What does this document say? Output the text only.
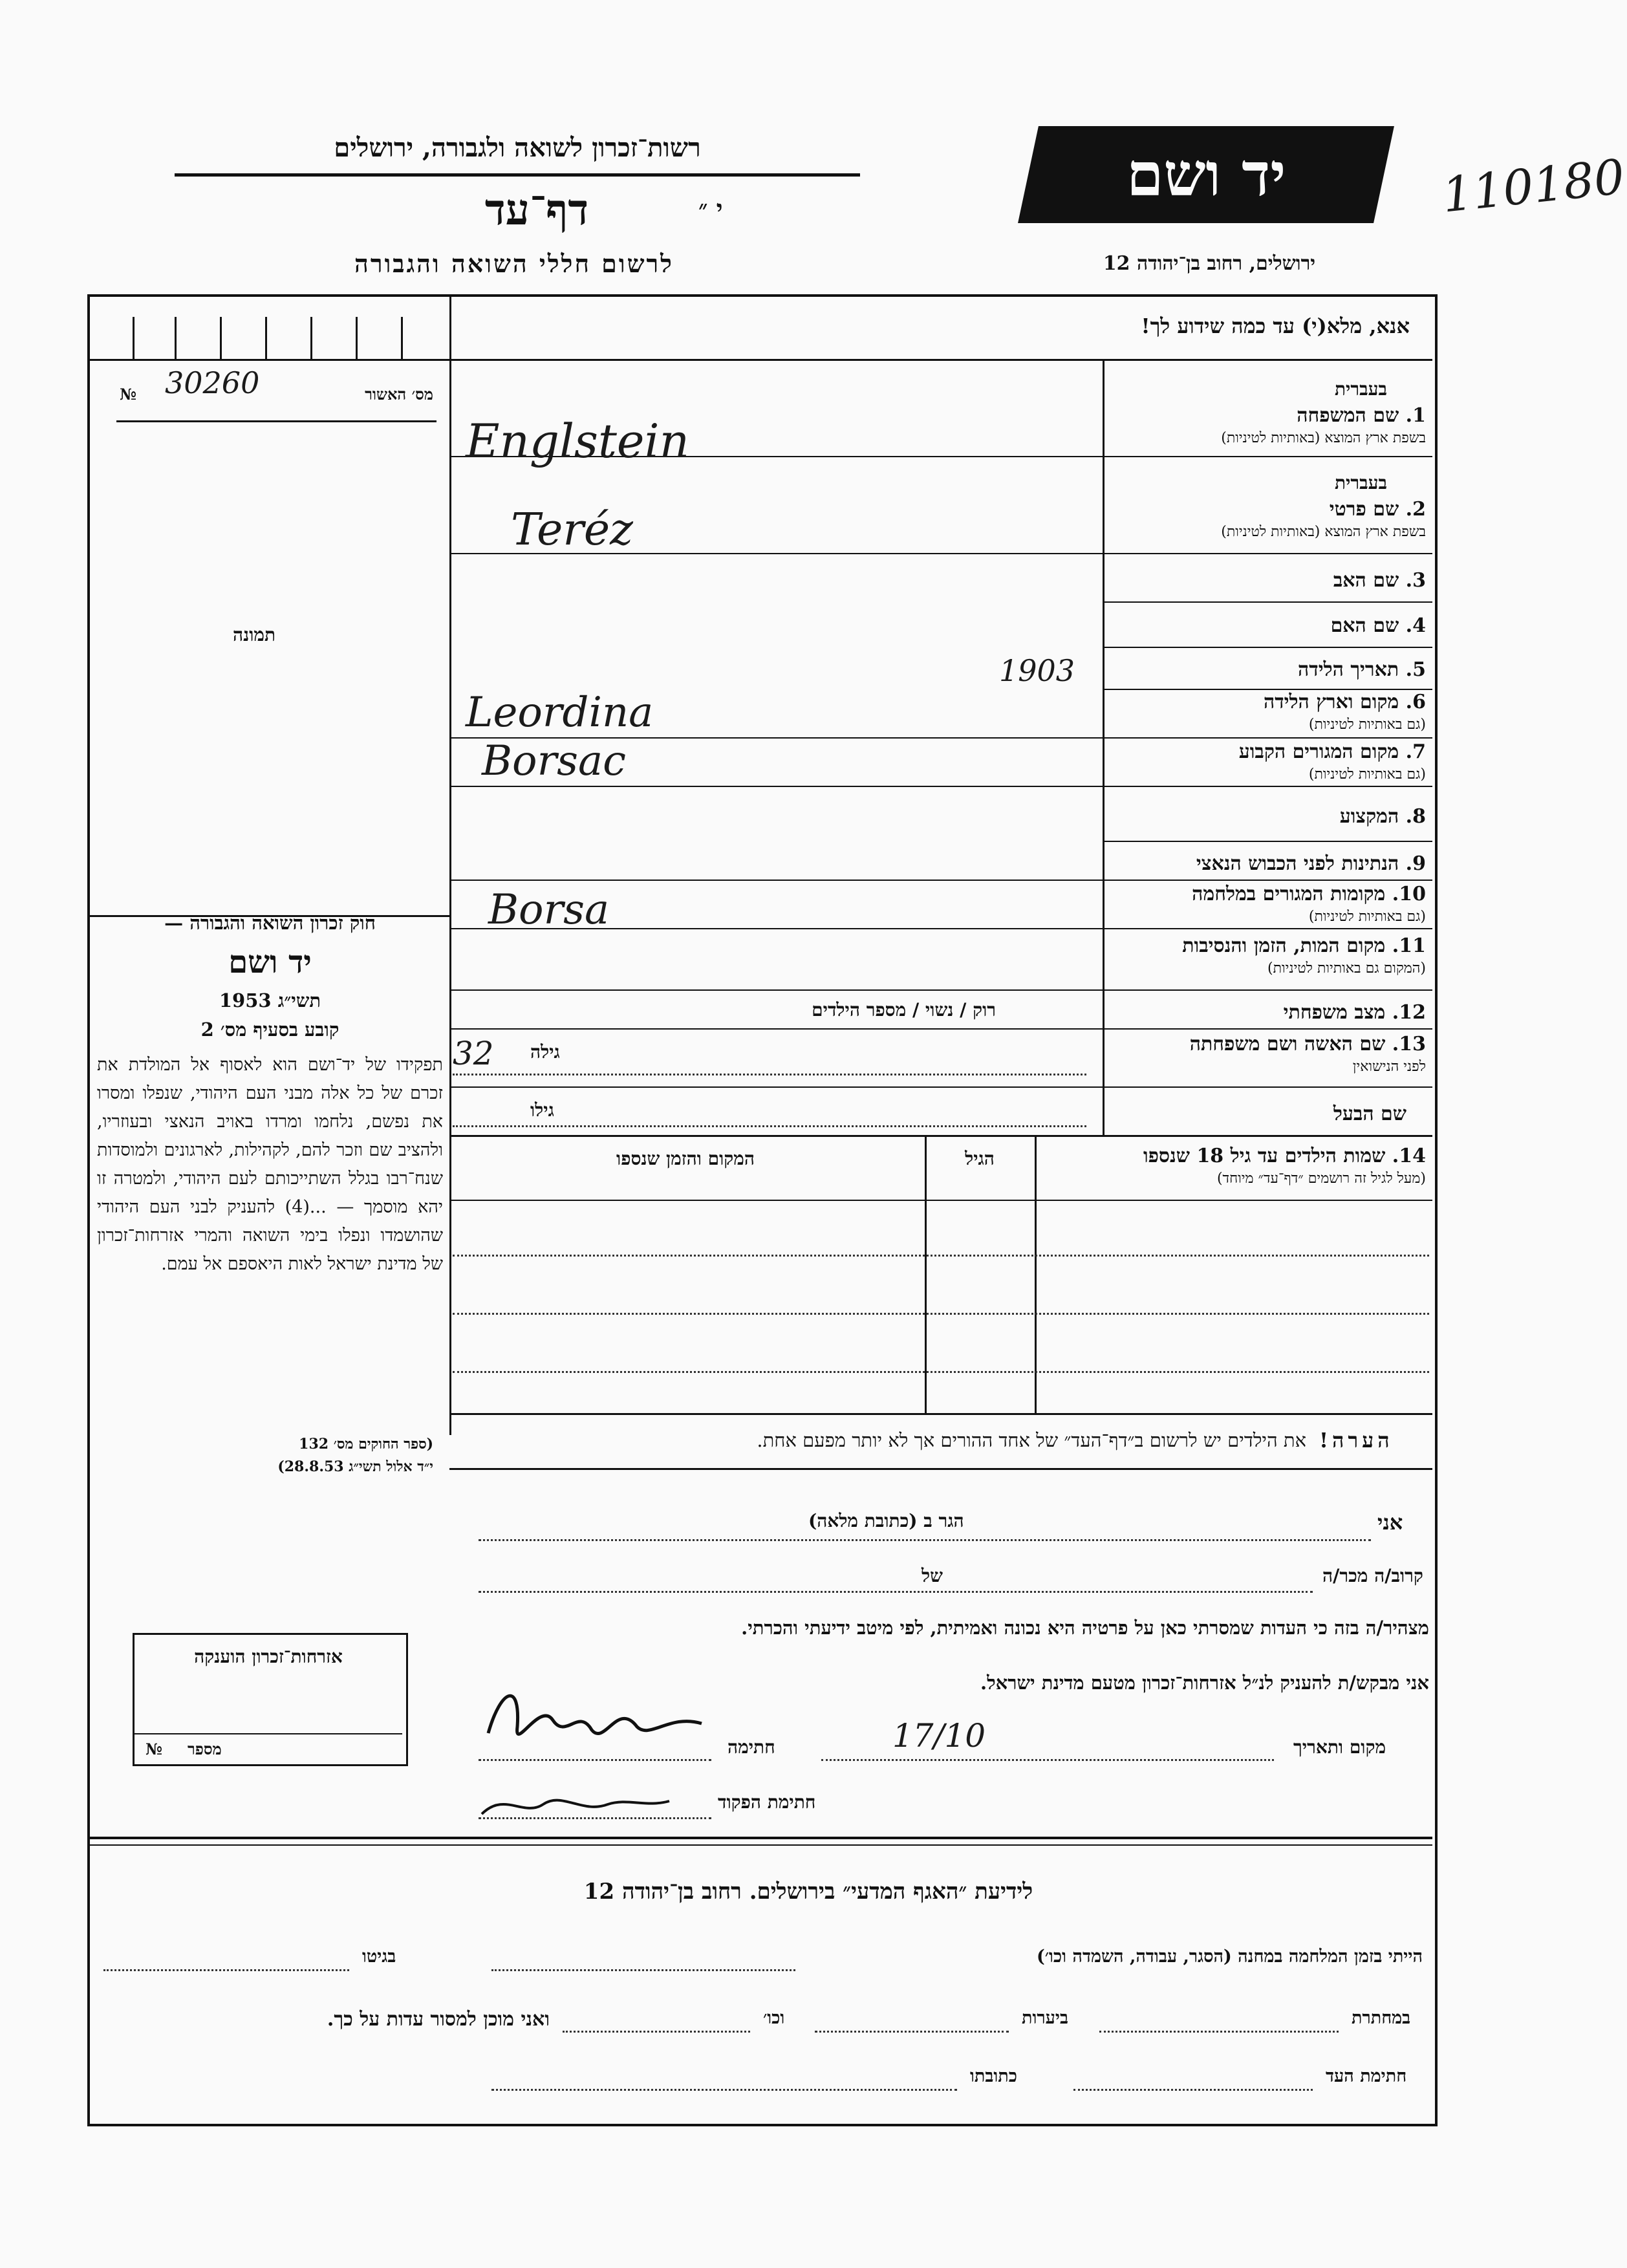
רשות־זכרון לשואה ולגבורה, ירושלים
דף־עד	י ״
לרשום חללי השואה והגבורה
יד ושם
ירושלים, רחוב בן־יהודה 12
110180
אנא, מלא(י) עד כמה שידוע לך!
№ 30260	מס׳ האשור
תמונה
חוק זכרון השואה והגבורה —
יד ושם
תשי״ג 1953
קובע בסעיף מס׳ 2
תפקידו של יד־ושם הוא לאסוף אל המולדת את זכרם של כל אלה מבני העם היהודי, שנפלו ומסרו את נפשם, נלחמו ומרדו באויב הנאצי ובעוזריו, ולהציב שם וזכר להם, לקהילות, לארגונים ולמוסדות שנח־רבו בגלל השתייכותם לעם היהודי, ולמטרה זו יהא מוסמך — ...(4) להעניק לבני העם היהודי שהושמדו ונפלו בימי השואה והמרי אזרחות־זכרון של מדינת ישראל לאות היאספם אל עמם.
(ספר החוקים מס׳ 132
י״ד אלול תשי״ג 28.8.53)
1. שם המשפחה
בשפת ארץ המוצא (באותיות לטיניות)
בעברית
2. שם פרטי
בשפת ארץ המוצא (באותיות לטיניות)
בעברית
3. שם האב
4. שם האם
5. תאריך הלידה
6. מקום וארץ הלידה
(גם באותיות לטיניות)
7. מקום המגורים הקבוע
(גם באותיות לטיניות)
8. המקצוע
9. הנתינות לפני הכבוש הנאצי
10. מקומות המגורים במלחמה
(גם באותיות לטיניות)
11. מקום המות, הזמן והנסיבות
(המקום גם באותיות לטיניות)
12. מצב משפחתי
13. שם האשה ושם משפחתה
לפני הנישואין
שם הבעל
Englstein
Teréz
1903
Leordina
Borsac
Borsa
רוק / נשוי / מספר הילדים
32 גילה
גילו
14. שמות הילדים עד גיל 18 שנספו
(מעל לגיל זה רושמים ״דף־עד״ מיוחד)
הגיל
המקום והזמן שנספו
הערה!
את הילדים יש לרשום ב״דף־העד״ של אחד ההורים אך לא יותר מפעם אחת.
אני
הגר ב (כתובת מלאה)
קרוב/ה מכר/ה
של
מצהיר/ה בזה כי העדות שמסרתי כאן על פרטיה היא נכונה ואמיתית, לפי מיטב ידיעתי והכרתי.
אני מבקש/ת להעניק לנ״ל אזרחות־זכרון מטעם מדינת ישראל.
מקום ותאריך
17/10
חתימה
חתימת הפקוד
אזרחות־זכרון הוענקה
№ מספר
לידיעת ״האגף המדעי״ בירושלים. רחוב בן־יהודה 12
הייתי בזמן המלחמה במחנה (הסגר, עבודה, השמדה וכו׳)
בגיטו
במחתרת
ביערות
וכו׳
ואני מוכן למסור עדות על כך.
חתימת העד
כתובתו
